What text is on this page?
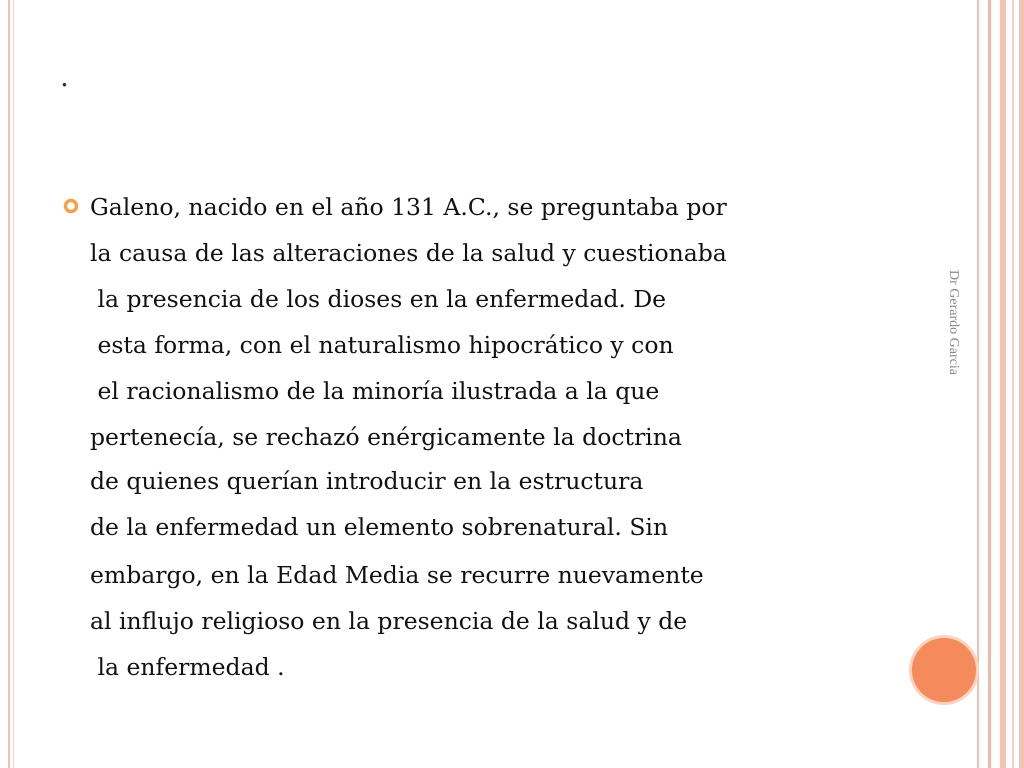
.
Galeno, nacido en el año 131 A.C., se preguntaba por
la causa de las alteraciones de la salud y cuestionaba
la presencia de los dioses en la enfermedad. De
esta forma, con el naturalismo hipocrático y con
el racionalismo de la minoría ilustrada a la que
pertenecía, se rechazó enérgicamente la doctrina
de quienes querían introducir en la estructura
de la enfermedad un elemento sobrenatural. Sin
embargo, en la Edad Media se recurre nuevamente
al influjo religioso en la presencia de la salud y de
la enfermedad .
Dr Gerardo Garcia
